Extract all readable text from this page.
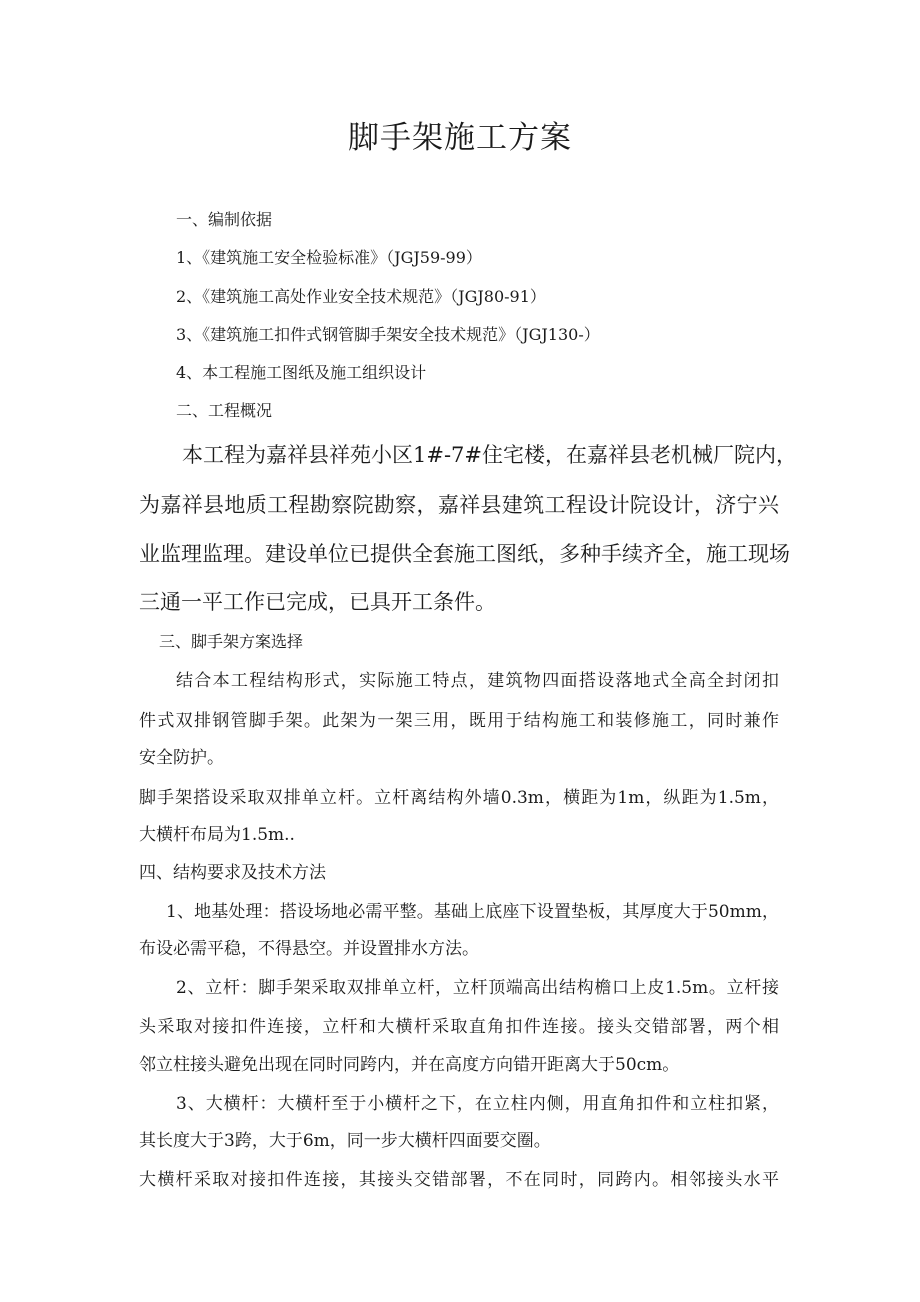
脚手架施工方案
一、编制依据
1、《建筑施工安全检验标准》（JGJ59-99）
2、《建筑施工高处作业安全技术规范》（JGJ80-91）
3、《建筑施工扣件式钢管脚手架安全技术规范》（JGJ130-）
4、本工程施工图纸及施工组织设计
二、工程概况
本工程为嘉祥县祥苑小区1#-7#住宅楼，在嘉祥县老机械厂院内，
为嘉祥县地质工程勘察院勘察，嘉祥县建筑工程设计院设计，济宁兴
业监理监理。建设单位已提供全套施工图纸，多种手续齐全，施工现场
三通一平工作已完成，已具开工条件。
三、脚手架方案选择
结合本工程结构形式，实际施工特点，建筑物四面搭设落地式全高全封闭扣
件式双排钢管脚手架。此架为一架三用，既用于结构施工和装修施工，同时兼作
安全防护。
脚手架搭设采取双排单立杆。立杆离结构外墙0.3m，横距为1m，纵距为1.5m，
大横杆布局为1.5m..
四、结构要求及技术方法
1、地基处理：搭设场地必需平整。基础上底座下设置垫板，其厚度大于50mm，
布设必需平稳，不得悬空。并设置排水方法。
2、立杆：脚手架采取双排单立杆，立杆顶端高出结构檐口上皮1.5m。立杆接
头采取对接扣件连接，立杆和大横杆采取直角扣件连接。接头交错部署，两个相
邻立柱接头避免出现在同时同跨内，并在高度方向错开距离大于50cm。
3、大横杆：大横杆至于小横杆之下，在立柱内侧，用直角扣件和立柱扣紧，
其长度大于3跨，大于6m，同一步大横杆四面要交圈。
大横杆采取对接扣件连接，其接头交错部署，不在同时，同跨内。相邻接头水平
